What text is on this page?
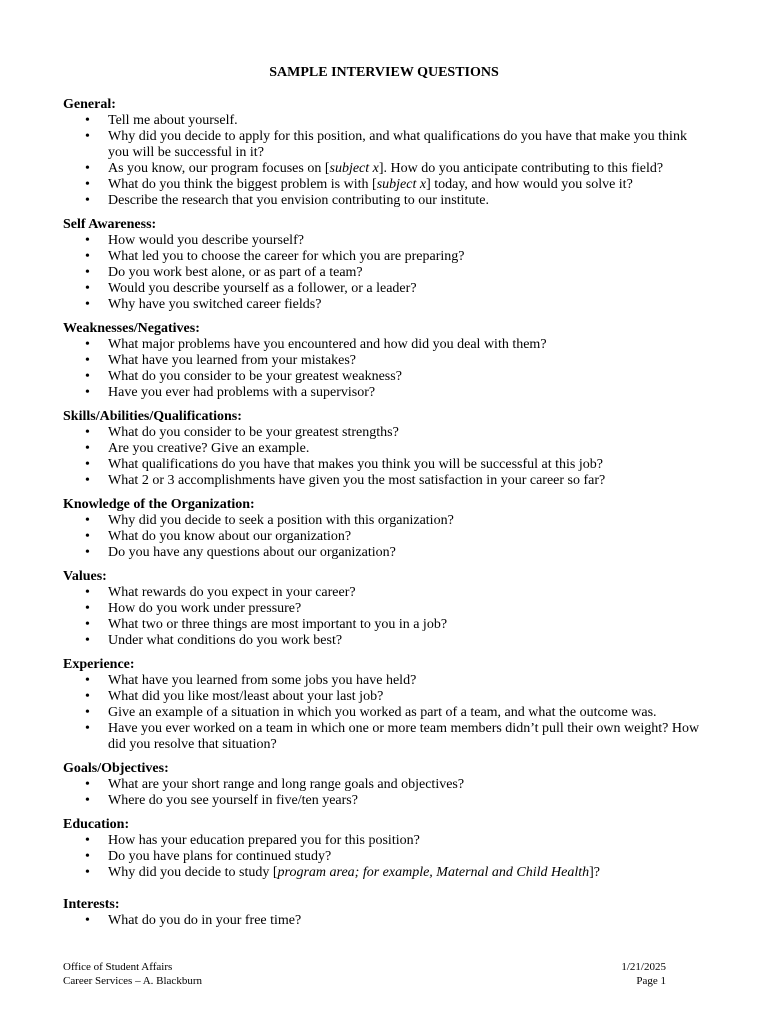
SAMPLE INTERVIEW QUESTIONS
General:
• Tell me about yourself.
• Why did you decide to apply for this position, and what qualifications do you have that make you think you will be successful in it?
• As you know, our program focuses on [subject x]. How do you anticipate contributing to this field?
• What do you think the biggest problem is with [subject x] today, and how would you solve it?
• Describe the research that you envision contributing to our institute.
Self Awareness:
• How would you describe yourself?
• What led you to choose the career for which you are preparing?
• Do you work best alone, or as part of a team?
• Would you describe yourself as a follower, or a leader?
• Why have you switched career fields?
Weaknesses/Negatives:
• What major problems have you encountered and how did you deal with them?
• What have you learned from your mistakes?
• What do you consider to be your greatest weakness?
• Have you ever had problems with a supervisor?
Skills/Abilities/Qualifications:
• What do you consider to be your greatest strengths?
• Are you creative? Give an example.
• What qualifications do you have that makes you think you will be successful at this job?
• What 2 or 3 accomplishments have given you the most satisfaction in your career so far?
Knowledge of the Organization:
• Why did you decide to seek a position with this organization?
• What do you know about our organization?
• Do you have any questions about our organization?
Values:
• What rewards do you expect in your career?
• How do you work under pressure?
• What two or three things are most important to you in a job?
• Under what conditions do you work best?
Experience:
• What have you learned from some jobs you have held?
• What did you like most/least about your last job?
• Give an example of a situation in which you worked as part of a team, and what the outcome was.
• Have you ever worked on a team in which one or more team members didn’t pull their own weight? How did you resolve that situation?
Goals/Objectives:
• What are your short range and long range goals and objectives?
• Where do you see yourself in five/ten years?
Education:
• How has your education prepared you for this position?
• Do you have plans for continued study?
• Why did you decide to study [program area; for example, Maternal and Child Health]?
Interests:
• What do you do in your free time?
Office of Student Affairs
Career Services – A. Blackburn
1/21/2025
Page 1
